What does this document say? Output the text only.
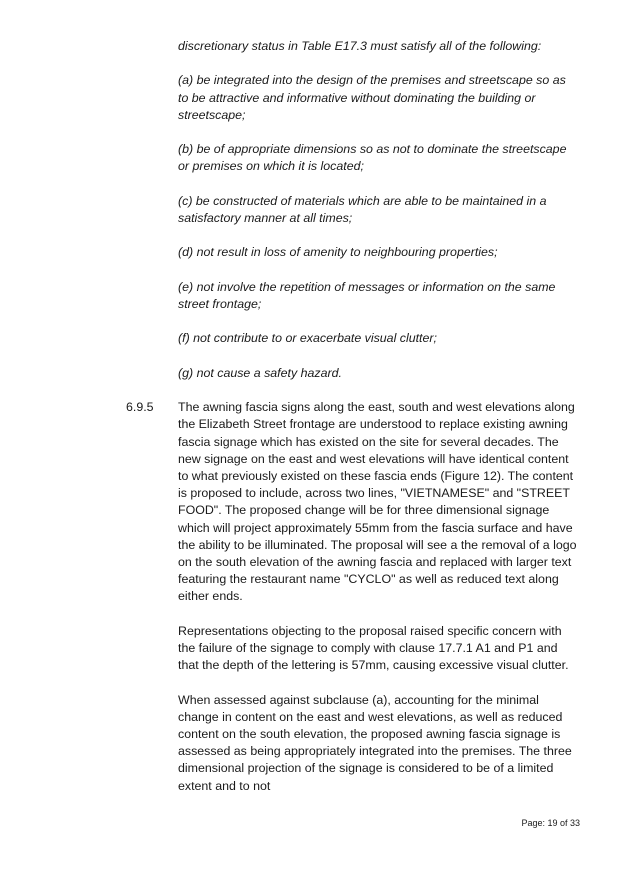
discretionary status in Table E17.3 must satisfy all of the following:

(a) be integrated into the design of the premises and streetscape so as to be attractive and informative without dominating the building or streetscape;

(b) be of appropriate dimensions so as not to dominate the streetscape or premises on which it is located;

(c) be constructed of materials which are able to be maintained in a satisfactory manner at all times;

(d) not result in loss of amenity to neighbouring properties;

(e) not involve the repetition of messages or information on the same street frontage;

(f) not contribute to or exacerbate visual clutter;

(g) not cause a safety hazard.

6.9.5 The awning fascia signs along the east, south and west elevations along the Elizabeth Street frontage are understood to replace existing awning fascia signage which has existed on the site for several decades. The new signage on the east and west elevations will have identical content to what previously existed on these fascia ends (Figure 12). The content is proposed to include, across two lines, "VIETNAMESE" and "STREET FOOD". The proposed change will be for three dimensional signage which will project approximately 55mm from the fascia surface and have the ability to be illuminated. The proposal will see a the removal of a logo on the south elevation of the awning fascia and replaced with larger text featuring the restaurant name "CYCLO" as well as reduced text along either ends.

Representations objecting to the proposal raised specific concern with the failure of the signage to comply with clause 17.7.1 A1 and P1 and that the depth of the lettering is 57mm, causing excessive visual clutter.

When assessed against subclause (a), accounting for the minimal change in content on the east and west elevations, as well as reduced content on the south elevation, the proposed awning fascia signage is assessed as being appropriately integrated into the premises. The three dimensional projection of the signage is considered to be of a limited extent and to not

Page: 19 of 33
